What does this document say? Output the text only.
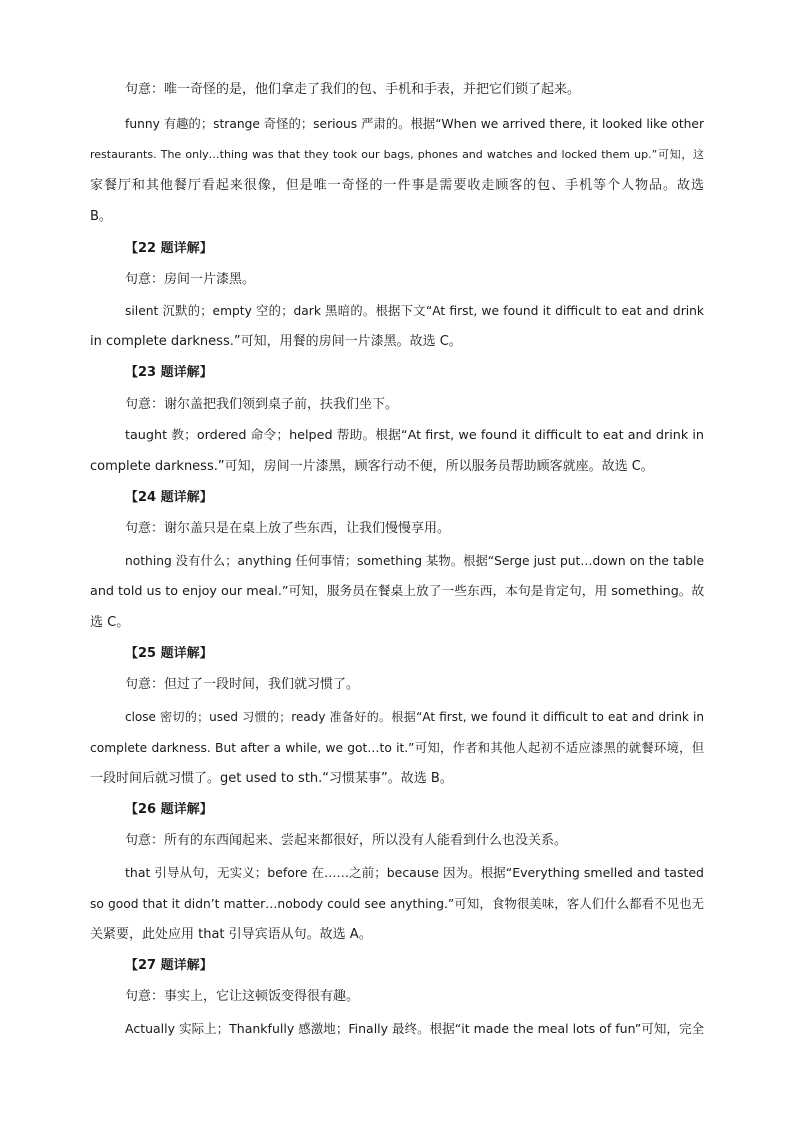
句意：唯一奇怪的是，他们拿走了我们的包、手机和手表，并把它们锁了起来。
funny 有趣的；strange 奇怪的；serious 严肃的。根据“When we arrived there, it looked like other
restaurants. The only…thing was that they took our bags, phones and watches and locked them up.”可知，这
家餐厅和其他餐厅看起来很像，但是唯一奇怪的一件事是需要收走顾客的包、手机等个人物品。故选
B。
【22 题详解】
句意：房间一片漆黑。
silent 沉默的；empty 空的；dark 黑暗的。根据下文“At first, we found it difficult to eat and drink
in complete darkness.”可知，用餐的房间一片漆黑。故选 C。
【23 题详解】
句意：谢尔盖把我们领到桌子前，扶我们坐下。
taught 教；ordered 命令；helped 帮助。根据“At first, we found it difficult to eat and drink in
complete darkness.”可知，房间一片漆黑，顾客行动不便，所以服务员帮助顾客就座。故选 C。
【24 题详解】
句意：谢尔盖只是在桌上放了些东西，让我们慢慢享用。
nothing 没有什么；anything 任何事情；something 某物。根据“Serge just put…down on the table
and told us to enjoy our meal.”可知，服务员在餐桌上放了一些东西，本句是肯定句，用 something。故
选 C。
【25 题详解】
句意：但过了一段时间，我们就习惯了。
close 密切的；used 习惯的；ready 准备好的。根据“At first, we found it difficult to eat and drink in
complete darkness. But after a while, we got…to it.”可知，作者和其他人起初不适应漆黑的就餐环境，但
一段时间后就习惯了。get used to sth.“习惯某事”。故选 B。
【26 题详解】
句意：所有的东西闻起来、尝起来都很好，所以没有人能看到什么也没关系。
that 引导从句，无实义；before 在……之前；because 因为。根据“Everything smelled and tasted
so good that it didn’t matter…nobody could see anything.”可知，食物很美味，客人们什么都看不见也无
关紧要，此处应用 that 引导宾语从句。故选 A。
【27 题详解】
句意：事实上，它让这顿饭变得很有趣。
Actually 实际上；Thankfully 感激地；Finally 最终。根据“it made the meal lots of fun”可知，完全
